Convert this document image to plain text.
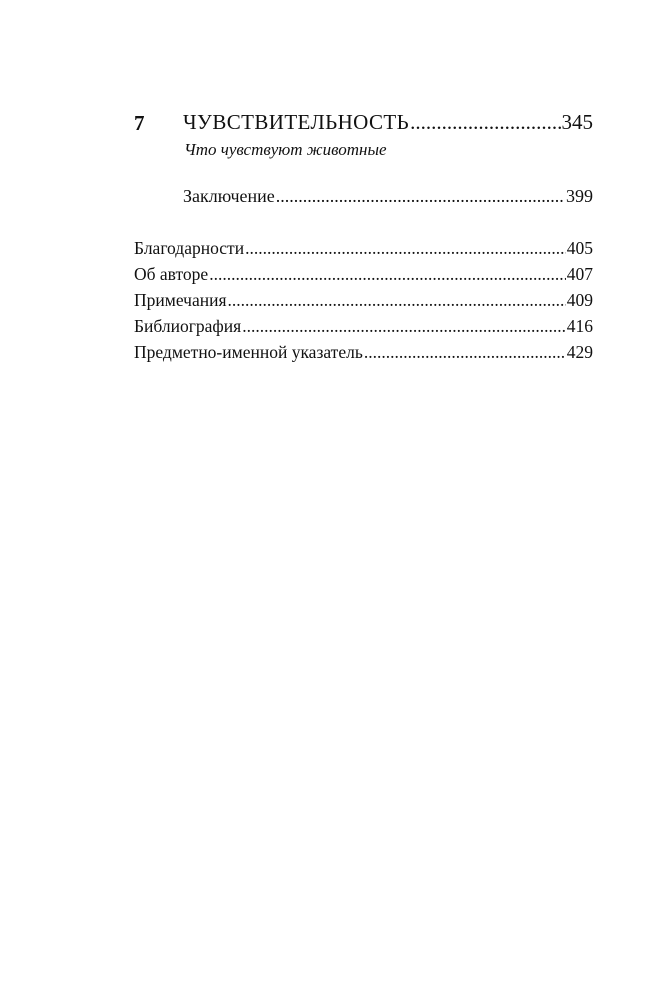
7 ЧУВСТВИТЕЛЬНОСТЬ .....	345
Что чувствуют животные
Заключение .....	399
Благодарности .....	405
Об авторе .....	407
Примечания .....	409
Библиография .....	416
Предметно-именной указатель .....	429
